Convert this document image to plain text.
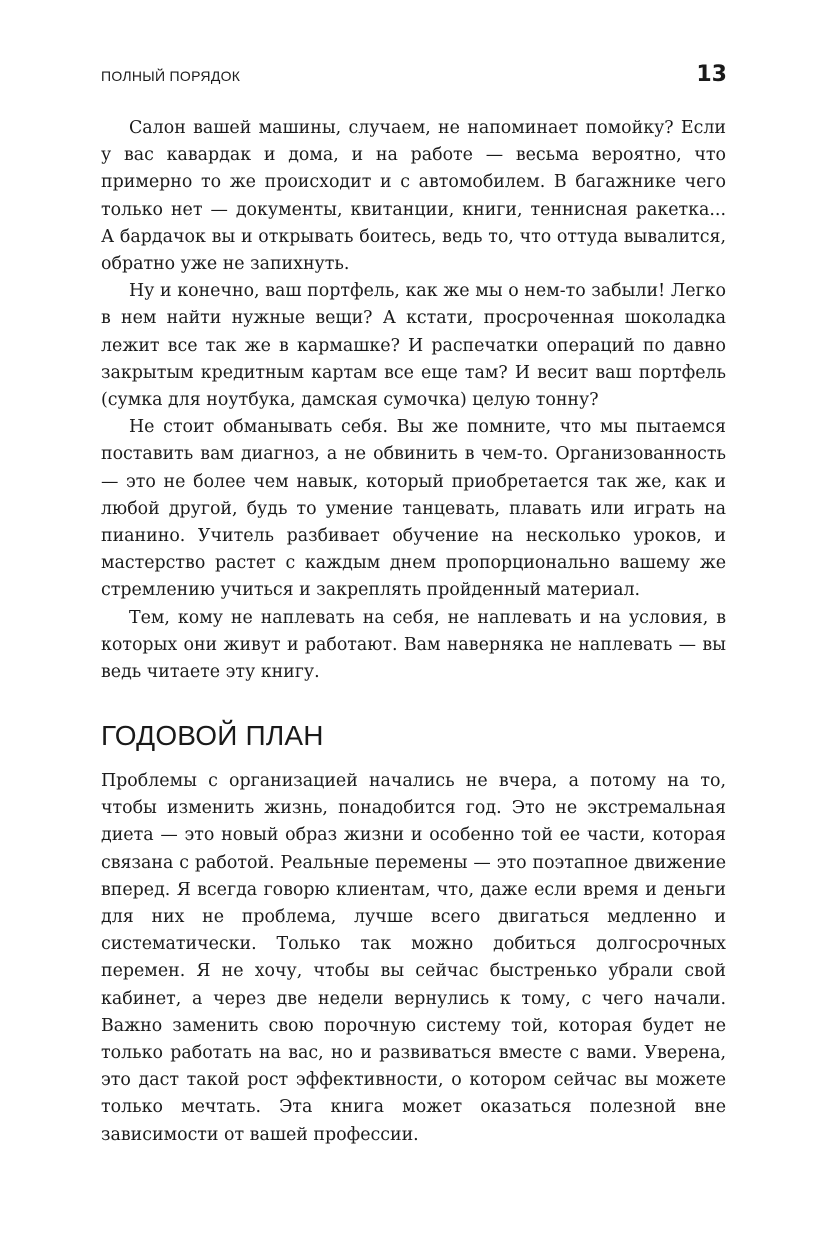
ПОЛНЫЙ ПОРЯДОК	13

Салон вашей машины, случаем, не напоминает помойку? Если у вас кавардак и дома, и на работе — весьма вероятно, что примерно то же происходит и с автомобилем. В багажнике чего только нет — документы, квитанции, книги, теннисная ракетка... А бардачок вы и открывать боитесь, ведь то, что оттуда вывалится, обратно уже не запихнуть.

Ну и конечно, ваш портфель, как же мы о нем-то забыли! Легко в нем найти нужные вещи? А кстати, просроченная шоколадка лежит все так же в кармашке? И распечатки операций по давно закрытым кредитным картам все еще там? И весит ваш портфель (сумка для ноутбука, дамская сумочка) целую тонну?

Не стоит обманывать себя. Вы же помните, что мы пытаемся поставить вам диагноз, а не обвинить в чем-то. Организованность — это не более чем навык, который приобретается так же, как и любой другой, будь то умение танцевать, плавать или играть на пианино. Учитель разбивает обучение на несколько уроков, и мастерство растет с каждым днем пропорционально вашему же стремлению учиться и закреплять пройденный материал.

Тем, кому не наплевать на себя, не наплевать и на условия, в которых они живут и работают. Вам наверняка не наплевать — вы ведь читаете эту книгу.

ГОДОВОЙ ПЛАН

Проблемы с организацией начались не вчера, а потому на то, чтобы изменить жизнь, понадобится год. Это не экстремальная диета — это новый образ жизни и особенно той ее части, которая связана с работой. Реальные перемены — это поэтапное движение вперед. Я всегда говорю клиентам, что, даже если время и деньги для них не проблема, лучше всего двигаться медленно и систематически. Только так можно добиться долгосрочных перемен. Я не хочу, чтобы вы сейчас быстренько убрали свой кабинет, а через две недели вернулись к тому, с чего начали. Важно заменить свою порочную систему той, которая будет не только работать на вас, но и развиваться вместе с вами. Уверена, это даст такой рост эффективности, о котором сейчас вы можете только мечтать. Эта книга может оказаться полезной вне зависимости от вашей профессии.
